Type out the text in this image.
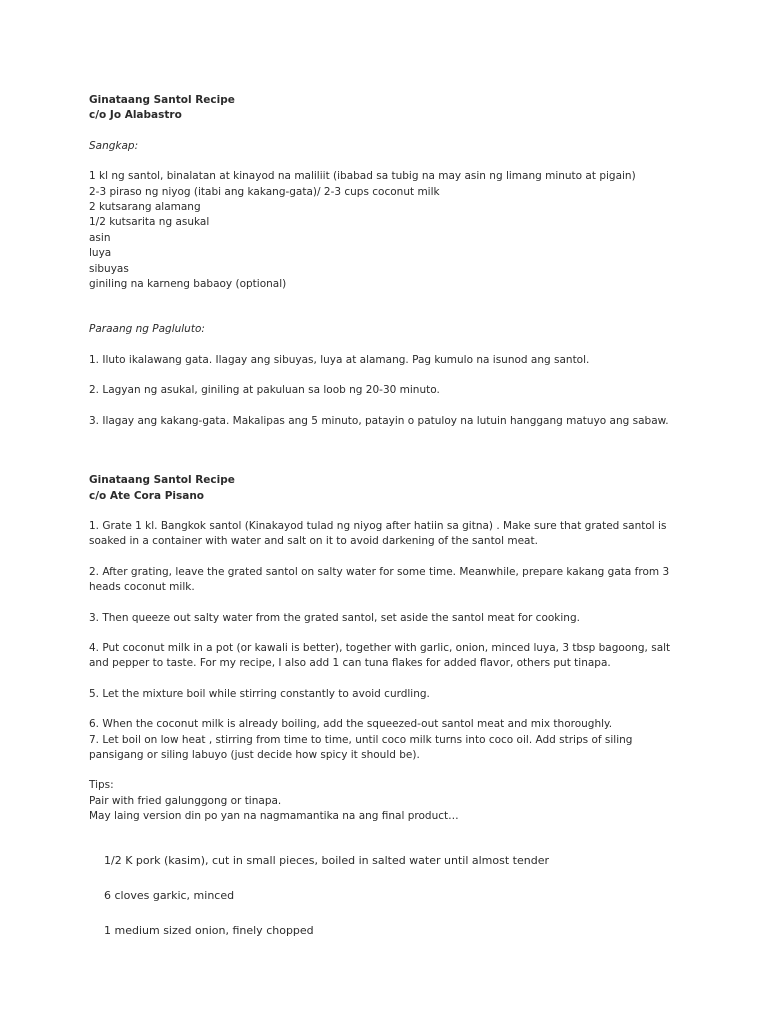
Ginataang Santol Recipe

c/o Jo Alabastro

Sangkap:

1 kl ng santol, binalatan at kinayod na maliliit (ibabad sa tubig na may asin ng limang minuto at pigain)

2-3 piraso ng niyog (itabi ang kakang-gata)/ 2-3 cups coconut milk

2 kutsarang alamang

1/2 kutsarita ng asukal

asin

luya

sibuyas

giniling na karneng babaoy (optional)

Paraang ng Pagluluto:

1. Iluto ikalawang gata. Ilagay ang sibuyas, luya at alamang. Pag kumulo na isunod ang santol.

2. Lagyan ng asukal, giniling at pakuluan sa loob ng 20-30 minuto.

3. Ilagay ang kakang-gata. Makalipas ang 5 minuto, patayin o patuloy na lutuin hanggang matuyo ang sabaw.

Ginataang Santol Recipe

c/o Ate Cora Pisano

1. Grate 1 kl. Bangkok santol (Kinakayod tulad ng niyog after hatiin sa gitna) . Make sure that grated santol is soaked in a container with water and salt on it to avoid darkening of the santol meat.

2. After grating, leave the grated santol on salty water for some time. Meanwhile, prepare kakang gata from 3 heads coconut milk.

3. Then queeze out salty water from the grated santol, set aside the santol meat for cooking.

4. Put coconut milk in a pot (or kawali is better), together with garlic, onion, minced luya, 3 tbsp bagoong, salt and pepper to taste. For my recipe, I also add 1 can tuna flakes for added flavor, others put tinapa.

5. Let the mixture boil while stirring constantly to avoid curdling.

6. When the coconut milk is already boiling, add the squeezed-out santol meat and mix thoroughly.

7. Let boil on low heat , stirring from time to time, until coco milk turns into coco oil. Add strips of siling pansigang or siling labuyo (just decide how spicy it should be).

Tips:

Pair with fried galunggong or tinapa.

May laing version din po yan na nagmamantika na ang final product…

1/2 K pork (kasim), cut in small pieces, boiled in salted water until almost tender

6 cloves garkic, minced

1 medium sized onion, finely chopped
